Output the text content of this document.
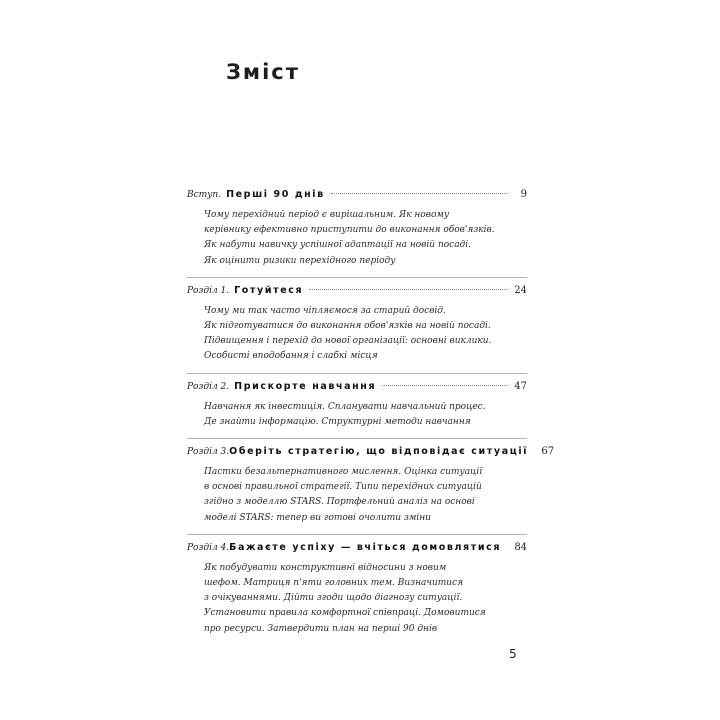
Зміст
Вступ. Перші 90 днів	9
Чому перехідний період є вирішальним. Як новому
керівнику ефективно приступити до виконання обов'язків.
Як набути навичку успішної адаптації на новій посаді.
Як оцінити ризики перехідного періоду
Розділ 1. Готуйтеся	24
Чому ми так часто чіпляємося за старий досвід.
Як підготуватися до виконання обов'язків на новій посаді.
Підвищення і перехід до нової організації: основні виклики.
Особисті вподобання і слабкі місця
Розділ 2. Прискорте навчання	47
Навчання як інвестиція. Спланувати навчальний процес.
Де знайти інформацію. Структурні методи навчання
Розділ 3. Оберіть стратегію, що відповідає ситуації 67
Пастки безальтернативного мислення. Оцінка ситуації
в основі правильної стратегії. Типи перехідних ситуацій
згідно з моделлю STARS. Портфельний аналіз на основі
моделі STARS: тепер ви готові очолити зміни
Розділ 4. Бажаєте успіху — вчіться домовлятися 84
Як побудувати конструктивні відносини з новим
шефом. Матриця п'яти головних тем. Визначитися
з очікуваннями. Дійти згоди щодо діагнозу ситуації.
Установити правила комфортної співпраці. Домовитися
про ресурси. Затвердити план на перші 90 днів
5
